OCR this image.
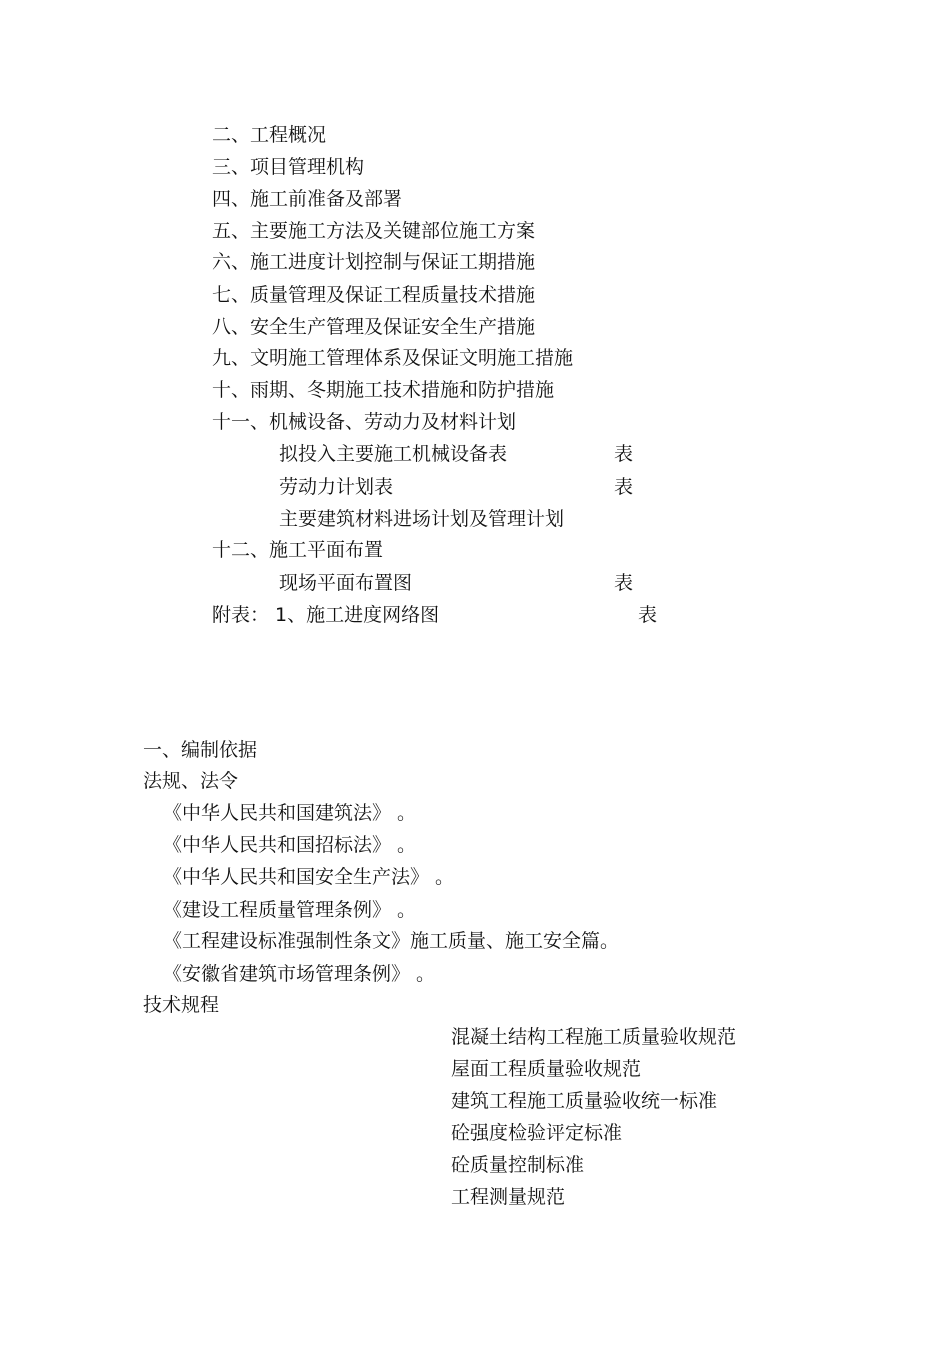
二、工程概况
三、项目管理机构
四、施工前准备及部署
五、主要施工方法及关键部位施工方案
六、施工进度计划控制与保证工期措施
七、质量管理及保证工程质量技术措施
八、安全生产管理及保证安全生产措施
九、文明施工管理体系及保证文明施工措施
十、雨期、冬期施工技术措施和防护措施
十一、机械设备、劳动力及材料计划
拟投入主要施工机械设备表	表
劳动力计划表	表
主要建筑材料进场计划及管理计划
十二、施工平面布置
现场平面布置图	表
附表： 1、施工进度网络图	表
一、编制依据
法规、法令
《中华人民共和国建筑法》 。
《中华人民共和国招标法》 。
《中华人民共和国安全生产法》 。
《建设工程质量管理条例》 。
《工程建设标准强制性条文》施工质量、施工安全篇。
《安徽省建筑市场管理条例》 。
技术规程
混凝土结构工程施工质量验收规范
屋面工程质量验收规范
建筑工程施工质量验收统一标准
砼强度检验评定标准
砼质量控制标准
工程测量规范
